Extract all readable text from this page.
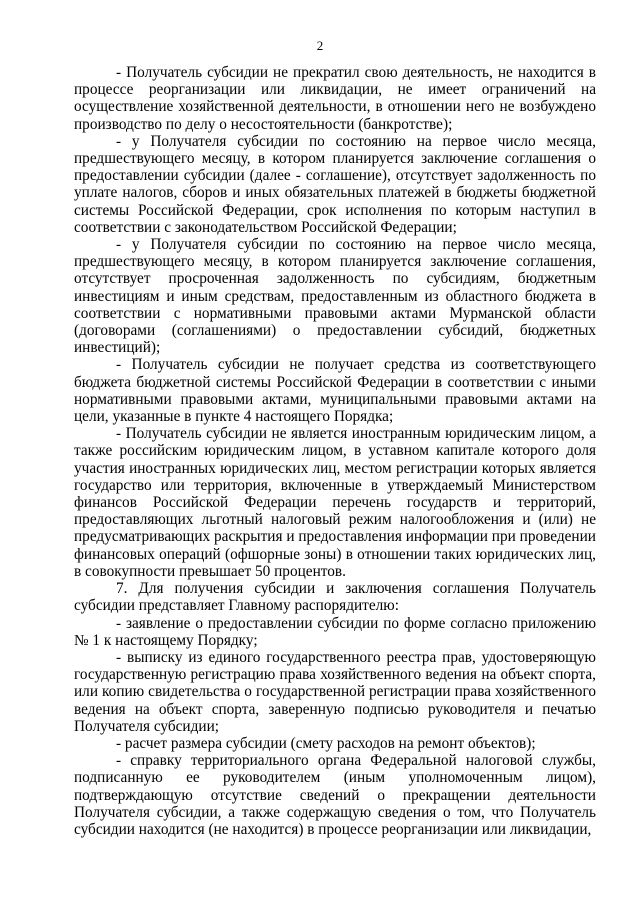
2

- Получатель субсидии не прекратил свою деятельность, не находится в процессе реорганизации или ликвидации, не имеет ограничений на осуществление хозяйственной деятельности, в отношении него не возбуждено производство по делу о несостоятельности (банкротстве);

- у Получателя субсидии по состоянию на первое число месяца, предшествующего месяцу, в котором планируется заключение соглашения о предоставлении субсидии (далее - соглашение), отсутствует задолженность по уплате налогов, сборов и иных обязательных платежей в бюджеты бюджетной системы Российской Федерации, срок исполнения по которым наступил в соответствии с законодательством Российской Федерации;

- у Получателя субсидии по состоянию на первое число месяца, предшествующего месяцу, в котором планируется заключение соглашения, отсутствует просроченная задолженность по субсидиям, бюджетным инвестициям и иным средствам, предоставленным из областного бюджета в соответствии с нормативными правовыми актами Мурманской области (договорами (соглашениями) о предоставлении субсидий, бюджетных инвестиций);

- Получатель субсидии не получает средства из соответствующего бюджета бюджетной системы Российской Федерации в соответствии с иными нормативными правовыми актами, муниципальными правовыми актами на цели, указанные в пункте 4 настоящего Порядка;

- Получатель субсидии не является иностранным юридическим лицом, а также российским юридическим лицом, в уставном капитале которого доля участия иностранных юридических лиц, местом регистрации которых является государство или территория, включенные в утверждаемый Министерством финансов Российской Федерации перечень государств и территорий, предоставляющих льготный налоговый режим налогообложения и (или) не предусматривающих раскрытия и предоставления информации при проведении финансовых операций (офшорные зоны) в отношении таких юридических лиц, в совокупности превышает 50 процентов.

7. Для получения субсидии и заключения соглашения Получатель субсидии представляет Главному распорядителю:

- заявление о предоставлении субсидии по форме согласно приложению № 1 к настоящему Порядку;

- выписку из единого государственного реестра прав, удостоверяющую государственную регистрацию права хозяйственного ведения на объект спорта, или копию свидетельства о государственной регистрации права хозяйственного ведения на объект спорта, заверенную подписью руководителя и печатью Получателя субсидии;

- расчет размера субсидии (смету расходов на ремонт объектов);

- справку территориального органа Федеральной налоговой службы, подписанную ее руководителем (иным уполномоченным лицом), подтверждающую отсутствие сведений о прекращении деятельности Получателя субсидии, а также содержащую сведения о том, что Получатель субсидии находится (не находится) в процессе реорганизации или ликвидации,
